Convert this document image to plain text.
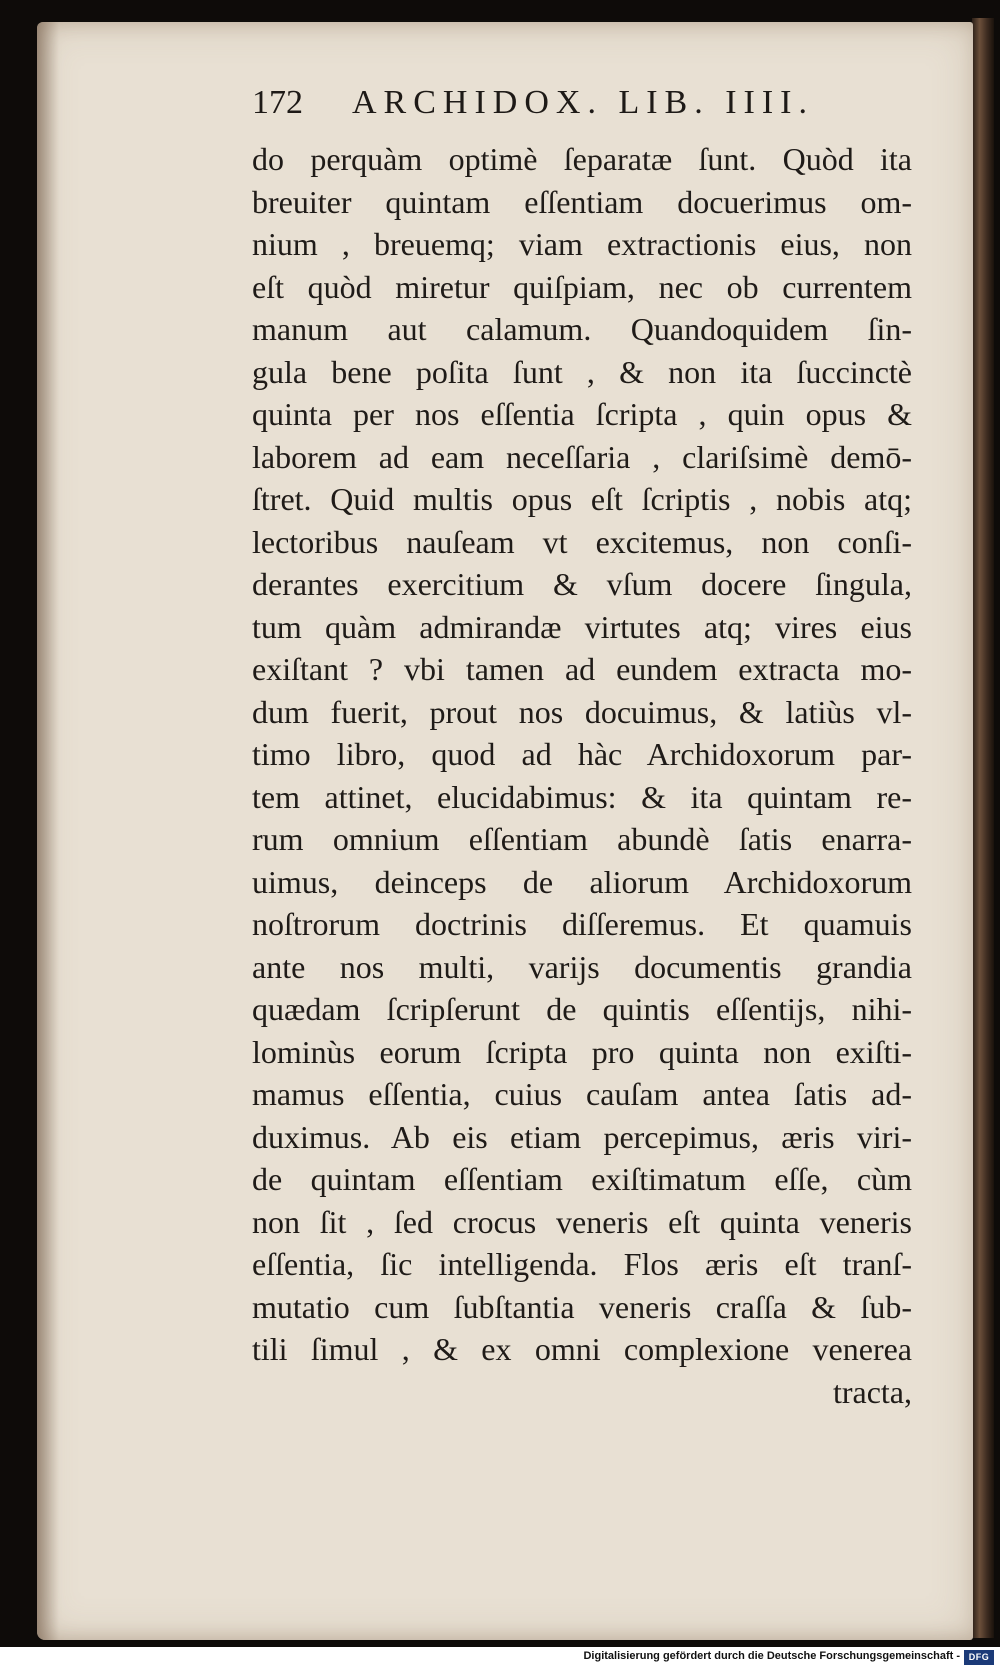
172 ARCHIDOX. LIB. IIII.
do perquàm optimè ſeparatæ ſunt. Quòd ita
breuiter quintam eſſentiam docuerimus om-
nium , breuemq; viam extractionis eius, non
eſt quòd miretur quiſpiam, nec ob currentem
manum aut calamum. Quandoquidem ſin-
gula bene poſita ſunt , & non ita ſuccinctè
quinta per nos eſſentia ſcripta , quin opus &
laborem ad eam neceſſaria , clariſsimè demō-
ſtret. Quid multis opus eſt ſcriptis , nobis atq;
lectoribus nauſeam vt excitemus, non conſi-
derantes exercitium & vſum docere ſingula,
tum quàm admirandæ virtutes atq; vires eius
exiſtant ? vbi tamen ad eundem extracta mo-
dum fuerit, prout nos docuimus, & latiùs vl-
timo libro, quod ad hàc Archidoxorum par-
tem attinet, elucidabimus: & ita quintam re-
rum omnium eſſentiam abundè ſatis enarra-
uimus, deinceps de aliorum Archidoxorum
noſtrorum doctrinis diſſeremus. Et quamuis
ante nos multi, varijs documentis grandia
quædam ſcripſerunt de quintis eſſentijs, nihi-
lominùs eorum ſcripta pro quinta non exiſti-
mamus eſſentia, cuius cauſam antea ſatis ad-
duximus. Ab eis etiam percepimus, æris viri-
de quintam eſſentiam exiſtimatum eſſe, cùm
non ſit , ſed crocus veneris eſt quinta veneris
eſſentia, ſic intelligenda. Flos æris eſt tranſ-
mutatio cum ſubſtantia veneris craſſa & ſub-
tili ſimul , & ex omni complexione venerea
tracta,
Digitalisierung gefördert durch die Deutsche Forschungsgemeinschaft - DFG
